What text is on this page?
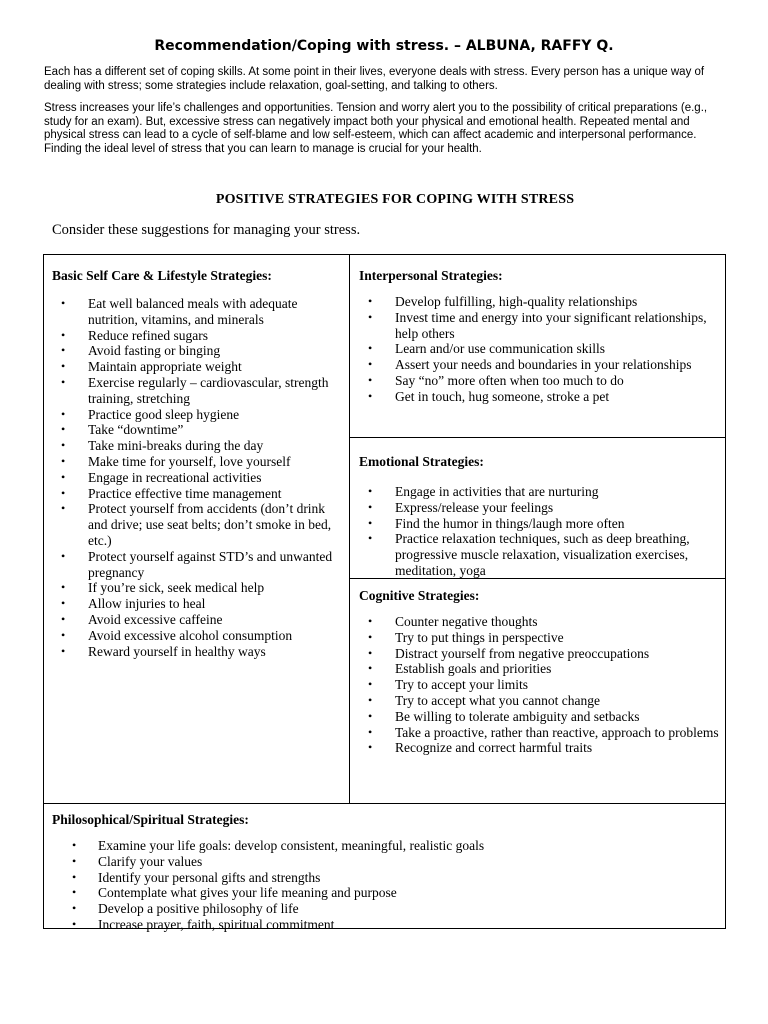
Recommendation/Coping with stress. – ALBUNA, RAFFY Q.

Each has a different set of coping skills. At some point in their lives, everyone deals with stress. Every person has a unique way of dealing with stress; some strategies include relaxation, goal-setting, and talking to others.

Stress increases your life’s challenges and opportunities. Tension and worry alert you to the possibility of critical preparations (e.g., study for an exam). But, excessive stress can negatively impact both your physical and emotional health. Repeated mental and physical stress can lead to a cycle of self-blame and low self-esteem, which can affect academic and interpersonal performance. Finding the ideal level of stress that you can learn to manage is crucial for your health.

POSITIVE STRATEGIES FOR COPING WITH STRESS
Consider these suggestions for managing your stress.
Basic Self Care & Lifestyle Strategies:
• Eat well balanced meals with adequate nutrition, vitamins, and minerals
• Reduce refined sugars
• Avoid fasting or binging
• Maintain appropriate weight
• Exercise regularly – cardiovascular, strength training, stretching
• Practice good sleep hygiene
• Take “downtime”
• Take mini-breaks during the day
• Make time for yourself, love yourself
• Engage in recreational activities
• Practice effective time management
• Protect yourself from accidents (don’t drink and drive; use seat belts; don’t smoke in bed, etc.)
• Protect yourself against STD’s and unwanted pregnancy
• If you’re sick, seek medical help
• Allow injuries to heal
• Avoid excessive caffeine
• Avoid excessive alcohol consumption
• Reward yourself in healthy ways
Interpersonal Strategies:
• Develop fulfilling, high-quality relationships
• Invest time and energy into your significant relationships, help others
• Learn and/or use communication skills
• Assert your needs and boundaries in your relationships
• Say “no” more often when too much to do
• Get in touch, hug someone, stroke a pet
Emotional Strategies:
• Engage in activities that are nurturing
• Express/release your feelings
• Find the humor in things/laugh more often
• Practice relaxation techniques, such as deep breathing, progressive muscle relaxation, visualization exercises, meditation, yoga
Cognitive Strategies:
• Counter negative thoughts
• Try to put things in perspective
• Distract yourself from negative preoccupations
• Establish goals and priorities
• Try to accept your limits
• Try to accept what you cannot change
• Be willing to tolerate ambiguity and setbacks
• Take a proactive, rather than reactive, approach to problems
• Recognize and correct harmful traits
Philosophical/Spiritual Strategies:
• Examine your life goals: develop consistent, meaningful, realistic goals
• Clarify your values
• Identify your personal gifts and strengths
• Contemplate what gives your life meaning and purpose
• Develop a positive philosophy of life
• Increase prayer, faith, spiritual commitment
